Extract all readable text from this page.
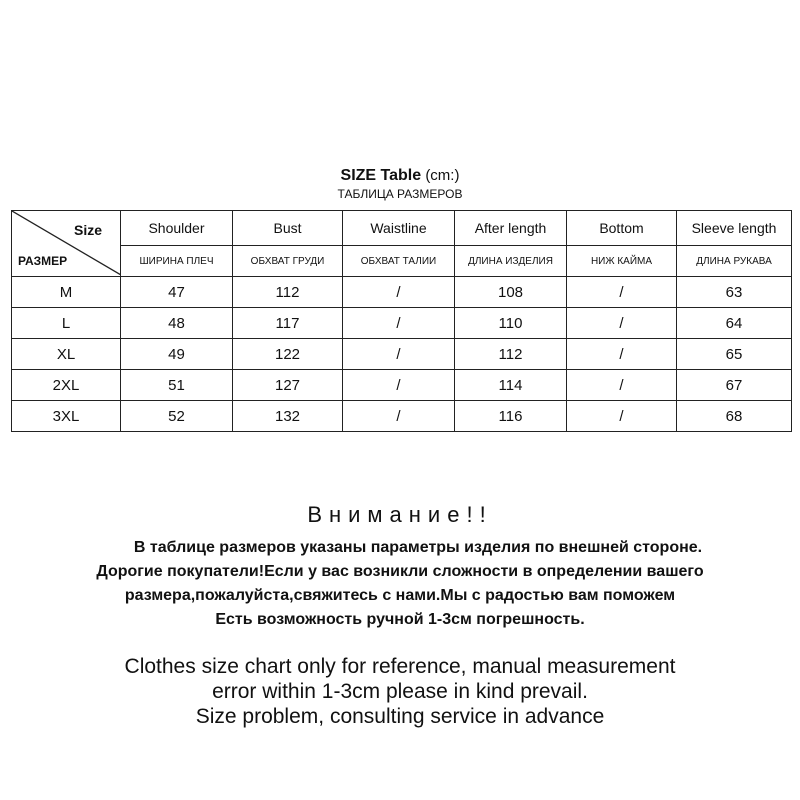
SIZE Table (cm:)
ТАБЛИЦА РАЗМЕРОВ
Size
РАЗМЕР	Shoulder	Bust	Waistline	After length	Bottom	Sleeve length
	ШИРИНА ПЛЕЧ	ОБХВАТ ГРУДИ	ОБХВАТ ТАЛИИ	ДЛИНА ИЗДЕЛИЯ	НИЖ КАЙМА	ДЛИНА РУКАВА
M	47	112	/	108	/	63
L	48	117	/	110	/	64
XL	49	122	/	112	/	65
2XL	51	127	/	114	/	67
3XL	52	132	/	116	/	68
Внимание!!
В таблице размеров указаны параметры изделия по внешней стороне.
Дорогие покупатели!Если у вас возникли сложности в определении вашего
размера,пожалуйста,свяжитесь с нами.Мы с радостью вам поможем
Есть возможность ручной 1-3см погрешность.
Clothes size chart only for reference, manual measurement
error within 1-3cm please in kind prevail.
Size problem, consulting service in advance
